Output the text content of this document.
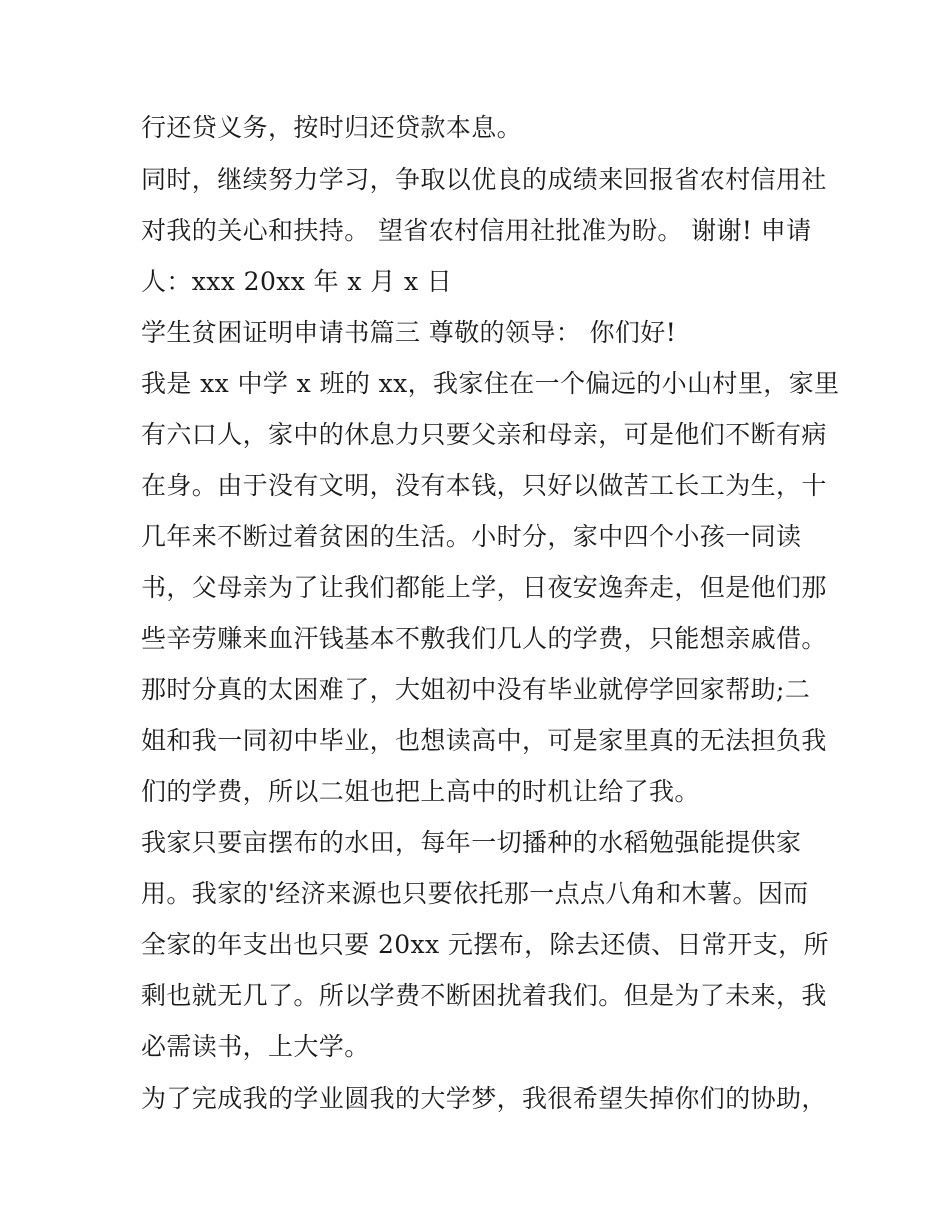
行还贷义务，按时归还贷款本息。
同时，继续努力学习，争取以优良的成绩来回报省农村信用社
对我的关心和扶持。 望省农村信用社批准为盼。 谢谢! 申请
人：xxx 20xx 年 x 月 x 日
学生贫困证明申请书篇三 尊敬的领导： 你们好!
我是 xx 中学 x 班的 xx，我家住在一个偏远的小山村里，家里
有六口人，家中的休息力只要父亲和母亲，可是他们不断有病
在身。由于没有文明，没有本钱，只好以做苦工长工为生，十
几年来不断过着贫困的生活。小时分，家中四个小孩一同读
书，父母亲为了让我们都能上学，日夜安逸奔走，但是他们那
些辛劳赚来血汗钱基本不敷我们几人的学费，只能想亲戚借。
那时分真的太困难了，大姐初中没有毕业就停学回家帮助;二
姐和我一同初中毕业，也想读高中，可是家里真的无法担负我
们的学费，所以二姐也把上高中的时机让给了我。
我家只要亩摆布的水田，每年一切播种的水稻勉强能提供家
用。我家的'经济来源也只要依托那一点点八角和木薯。因而
全家的年支出也只要 20xx 元摆布，除去还债、日常开支，所
剩也就无几了。所以学费不断困扰着我们。但是为了未来，我
必需读书，上大学。
为了完成我的学业圆我的大学梦，我很希望失掉你们的协助，
